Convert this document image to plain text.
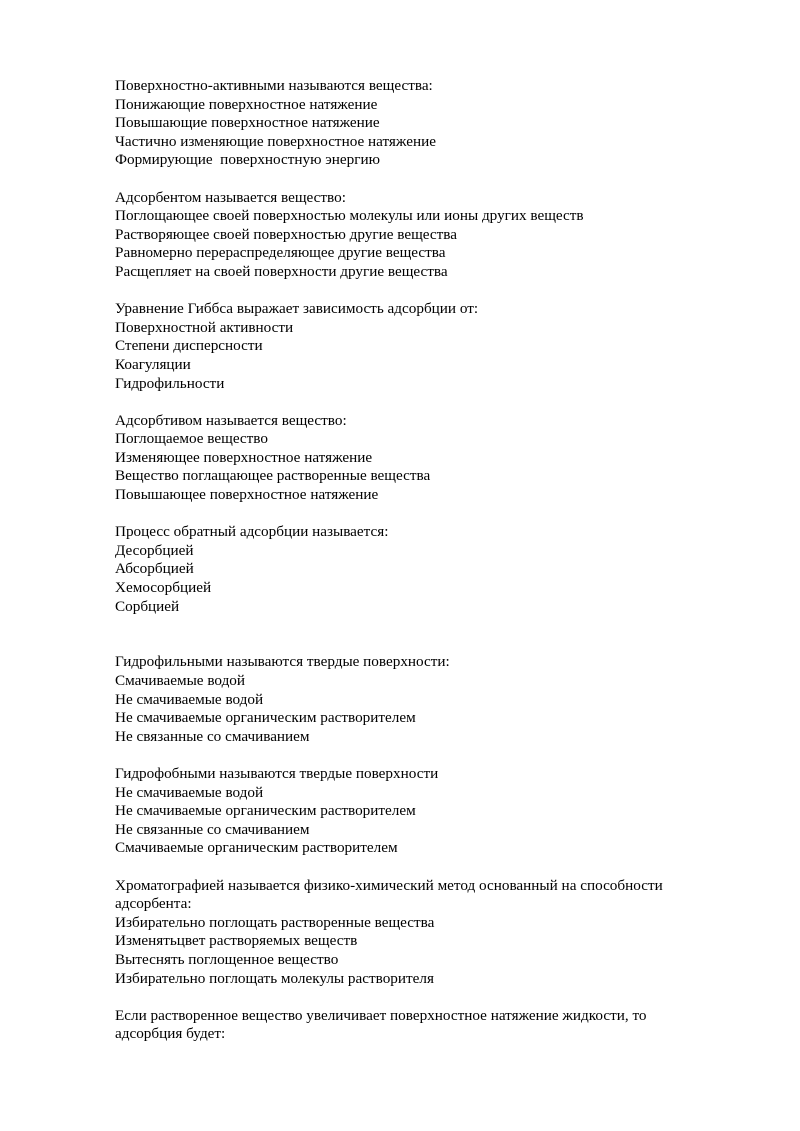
Поверхностно-активными называются вещества:

Понижающие поверхностное натяжение

Повышающие поверхностное натяжение

Частично изменяющие поверхностное натяжение

Формирующие  поверхностную энергию

Адсорбентом называется вещество:

Поглощающее своей поверхностью молекулы или ионы других веществ

Растворяющее своей поверхностью другие вещества

Равномерно перераспределяющее другие вещества

Расщепляет на своей поверхности другие вещества

Уравнение Гиббса выражает зависимость адсорбции от:

Поверхностной активности

Степени дисперсности

Коагуляции

Гидрофильности

Адсорбтивом называется вещество:

Поглощаемое вещество

Изменяющее поверхностное натяжение

Вещество поглащающее растворенные вещества

Повышающее поверхностное натяжение

Процесс обратный адсорбции называется:

Десорбцией

Абсорбцией

Хемосорбцией

Сорбцией

Гидрофильными называются твердые поверхности:

Смачиваемые водой

Не смачиваемые водой

Не смачиваемые органическим растворителем

Не связанные со смачиванием

Гидрофобными называются твердые поверхности

Не смачиваемые водой

Не смачиваемые органическим растворителем

Не связанные со смачиванием

Смачиваемые органическим растворителем

Хроматографией называется физико-химический метод основанный на способности

адсорбента:

Избирательно поглощать растворенные вещества

Изменятьцвет растворяемых веществ

Вытеснять поглощенное вещество

Избирательно поглощать молекулы растворителя

Если растворенное вещество увеличивает поверхностное натяжение жидкости, то

адсорбция будет:
